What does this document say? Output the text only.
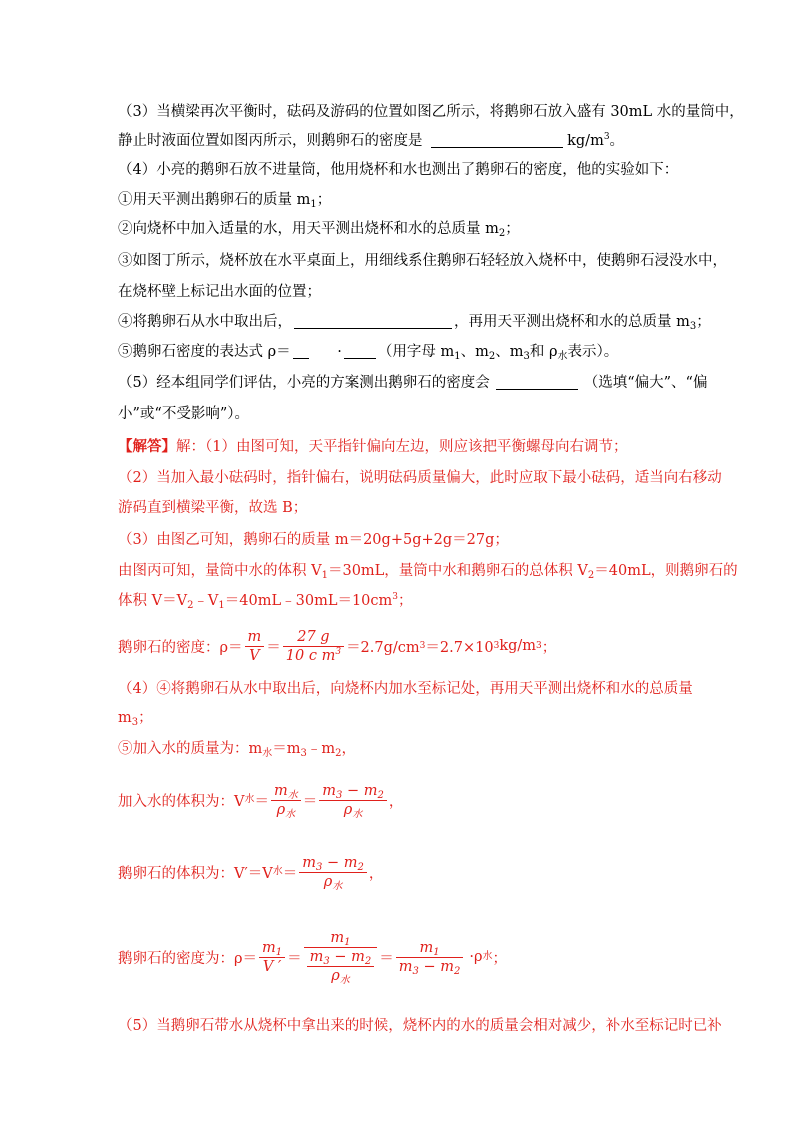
（3）当横梁再次平衡时，砝码及游码的位置如图乙所示，将鹅卵石放入盛有 30mL 水的量筒中，
静止时液面位置如图丙所示，则鹅卵石的密度是	$kg/m^3$。
（4）小亮的鹅卵石放不进量筒，他用烧杯和水也测出了鹅卵石的密度，他的实验如下：
①用天平测出鹅卵石的质量 $m_1$；
②向烧杯中加入适量的水，用天平测出烧杯和水的总质量 $m_2$；
③如图丁所示，烧杯放在水平桌面上，用细线系住鹅卵石轻轻放入烧杯中，使鹅卵石浸没水中，
在烧杯壁上标记出水面的位置；
④将鹅卵石从水中取出后，	，再用天平测出烧杯和水的总质量 $m_3$；
⑤鹅卵石密度的表达式 ρ＝	· （用字母 $m_1$、$m_2$、$m_3$和 $\rho_水$表示）。
（5）经本组同学们评估，小亮的方案测出鹅卵石的密度会	（选填“偏大”、“偏
小”或“不受影响”）。
【解答】解：（1）由图可知，天平指针偏向左边，则应该把平衡螺母向右调节；
（2）当加入最小砝码时，指针偏右，说明砝码质量偏大，此时应取下最小砝码，适当向右移动
游码直到横梁平衡，故选 B；
（3）由图乙可知，鹅卵石的质量 m＝20g+5g+2g＝27g；
由图丙可知，量筒中水的体积 $V_1=30mL$，量筒中水和鹅卵石的总体积 $V_2=40mL$，则鹅卵石的
体积 $V=V_2﹣V_1=40mL﹣30mL=10cm^3$；
鹅卵石的密度：$\rho= \frac{m}{V} = \frac{27 g}{10 c m^3} =2.7g/cm$ 3 ＝2.7×10 3 kg/m 3 ；
（4）④将鹅卵石从水中取出后，向烧杯内加水至标记处，再用天平测出烧杯和水的总质量
$m_3$；
⑤加入水的质量为：$m_水=m_3﹣m_2$，
加入水的体积为：V 水 ＝ $\frac{m_水}{\rho_水} = \frac{m_3 - m_2}{\rho_水}$ ，
鹅卵石的体积为：V′＝V 水 ＝ $\frac{m_3 - m_2}{\rho_水}$ ，
鹅卵石的密度为：$\rho= \frac{m_1}{V '} = \frac{m_1}{\frac{m_3 - m_2}{\rho_水}} = \frac{m_1}{m_3 - m_2} \cdot\rho$ 水 ；
（5）当鹅卵石带水从烧杯中拿出来的时候，烧杯内的水的质量会相对减少，补水至标记时已补
